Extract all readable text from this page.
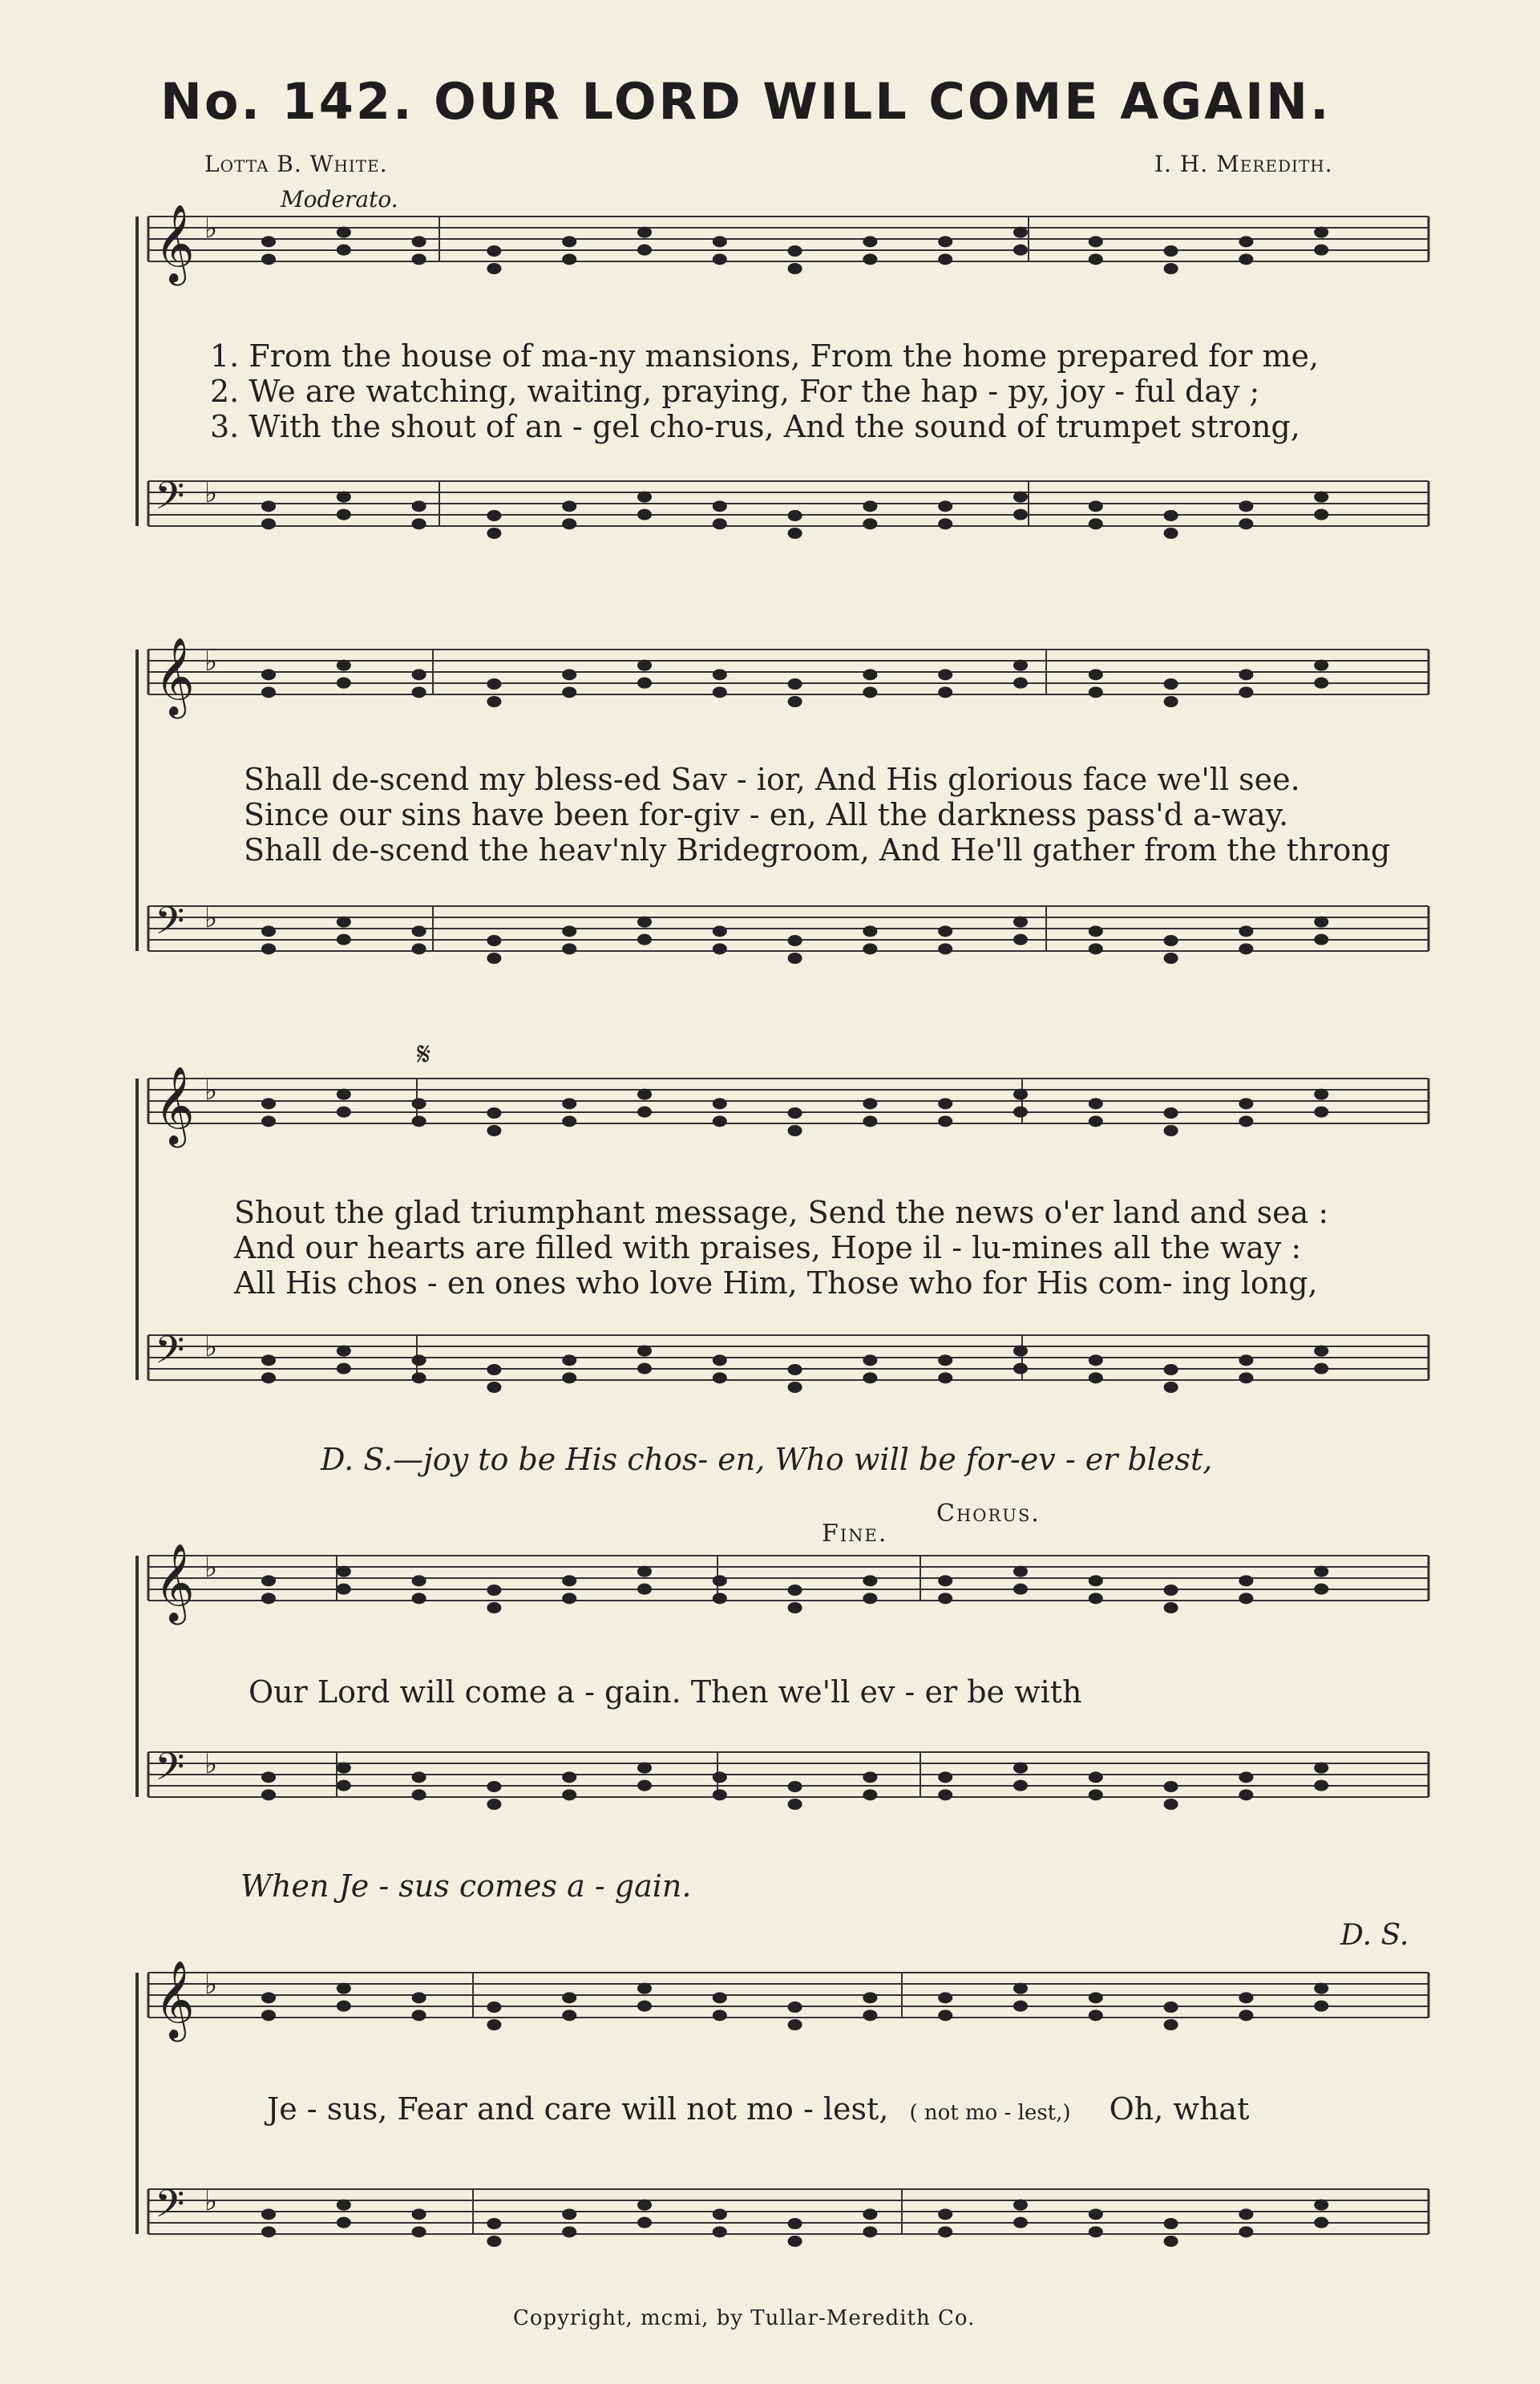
No. 142. OUR LORD WILL COME AGAIN.
Lotta B. White.	I. H. Meredith.
Moderato.
𝄞 ♭
𝄢 ♭
𝄞 ♭
𝄢 ♭
𝄞 ♭
𝄢 ♭
𝄞 ♭
𝄢 ♭
𝄞 ♭
𝄢 ♭
1. From the house of ma-ny mansions, From the home prepared for me,
2. We are watching, waiting, praying, For the hap - py, joy - ful day ;
3. With the shout of an - gel cho-rus, And the sound of trumpet strong,
Shall de-scend my bless-ed Sav - ior, And His glorious face we'll see.
Since our sins have been for-giv - en, All the darkness pass'd a-way.
Shall de-scend the heav'nly Bridegroom, And He'll gather from the throng
𝄋
Shout the glad triumphant message, Send the news o'er land and sea :
And our hearts are filled with praises, Hope il - lu-mines all the way :
All His chos - en ones who love Him, Those who for His com- ing long,
D. S.—joy to be His chos- en, Who will be for-ev - er blest,
Fine.
Chorus.
Our Lord will come a - gain. Then we'll ev - er be with
When Je - sus comes a - gain.
D. S.
Je - sus, Fear and care will not mo - lest, ( not mo - lest,) Oh, what
Copyright, mcmi, by Tullar-Meredith Co.
